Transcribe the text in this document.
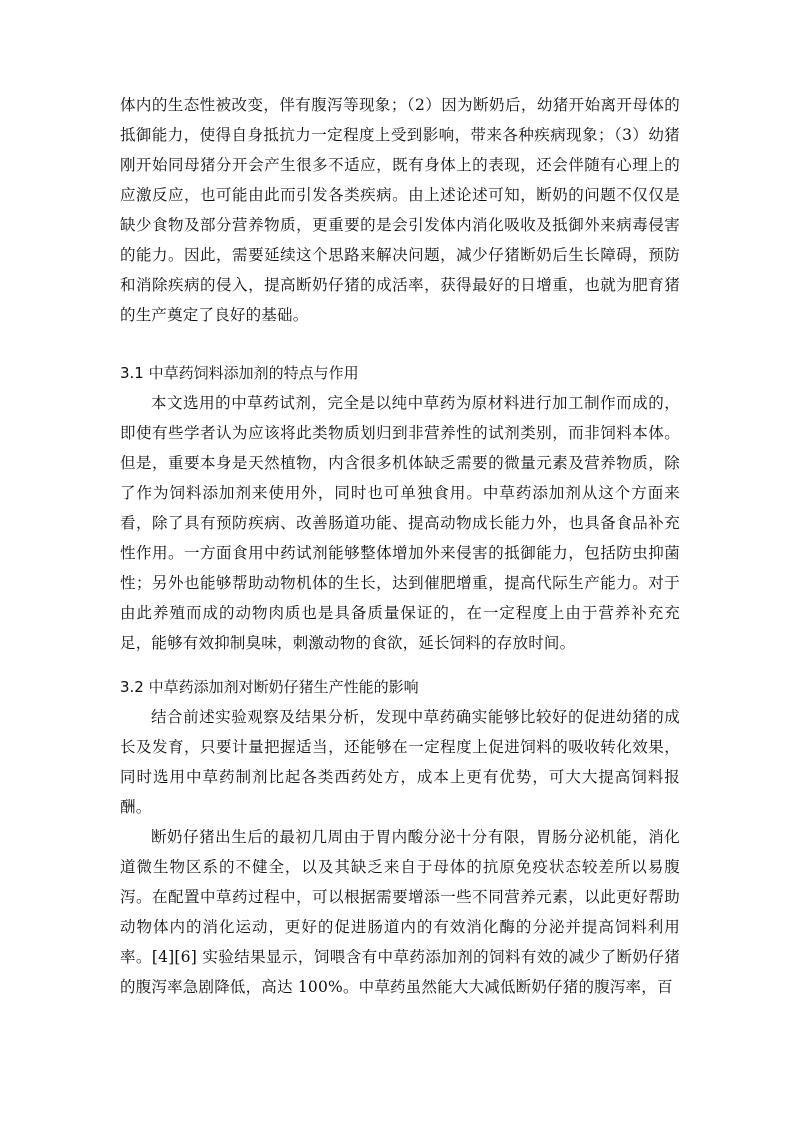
体内的生态性被改变，伴有腹泻等现象；（2）因为断奶后，幼猪开始离开母体的抵御能力，使得自身抵抗力一定程度上受到影响，带来各种疾病现象；（3）幼猪刚开始同母猪分开会产生很多不适应，既有身体上的表现，还会伴随有心理上的应激反应，也可能由此而引发各类疾病。由上述论述可知，断奶的问题不仅仅是缺少食物及部分营养物质，更重要的是会引发体内消化吸收及抵御外来病毒侵害的能力。因此，需要延续这个思路来解决问题，减少仔猪断奶后生长障碍，预防和消除疾病的侵入，提高断奶仔猪的成活率，获得最好的日增重，也就为肥育猪的生产奠定了良好的基础。

3.1 中草药饲料添加剂的特点与作用

本文选用的中草药试剂，完全是以纯中草药为原材料进行加工制作而成的，即使有些学者认为应该将此类物质划归到非营养性的试剂类别，而非饲料本体。但是，重要本身是天然植物，内含很多机体缺乏需要的微量元素及营养物质，除了作为饲料添加剂来使用外，同时也可单独食用。中草药添加剂从这个方面来看，除了具有预防疾病、改善肠道功能、提高动物成长能力外，也具备食品补充性作用。一方面食用中药试剂能够整体增加外来侵害的抵御能力，包括防虫抑菌性；另外也能够帮助动物机体的生长，达到催肥增重，提高代际生产能力。对于由此养殖而成的动物肉质也是具备质量保证的，在一定程度上由于营养补充充足，能够有效抑制臭味，刺激动物的食欲，延长饲料的存放时间。

3.2 中草药添加剂对断奶仔猪生产性能的影响

结合前述实验观察及结果分析，发现中草药确实能够比较好的促进幼猪的成长及发育，只要计量把握适当，还能够在一定程度上促进饲料的吸收转化效果，同时选用中草药制剂比起各类西药处方，成本上更有优势，可大大提高饲料报酬。

断奶仔猪出生后的最初几周由于胃内酸分泌十分有限，胃肠分泌机能，消化道微生物区系的不健全，以及其缺乏来自于母体的抗原免疫状态较差所以易腹泻。在配置中草药过程中，可以根据需要增添一些不同营养元素，以此更好帮助动物体内的消化运动，更好的促进肠道内的有效消化酶的分泌并提高饲料利用率。[4][6] 实验结果显示，饲喂含有中草药添加剂的饲料有效的减少了断奶仔猪的腹泻率急剧降低，高达 100%。中草药虽然能大大减低断奶仔猪的腹泻率，百
